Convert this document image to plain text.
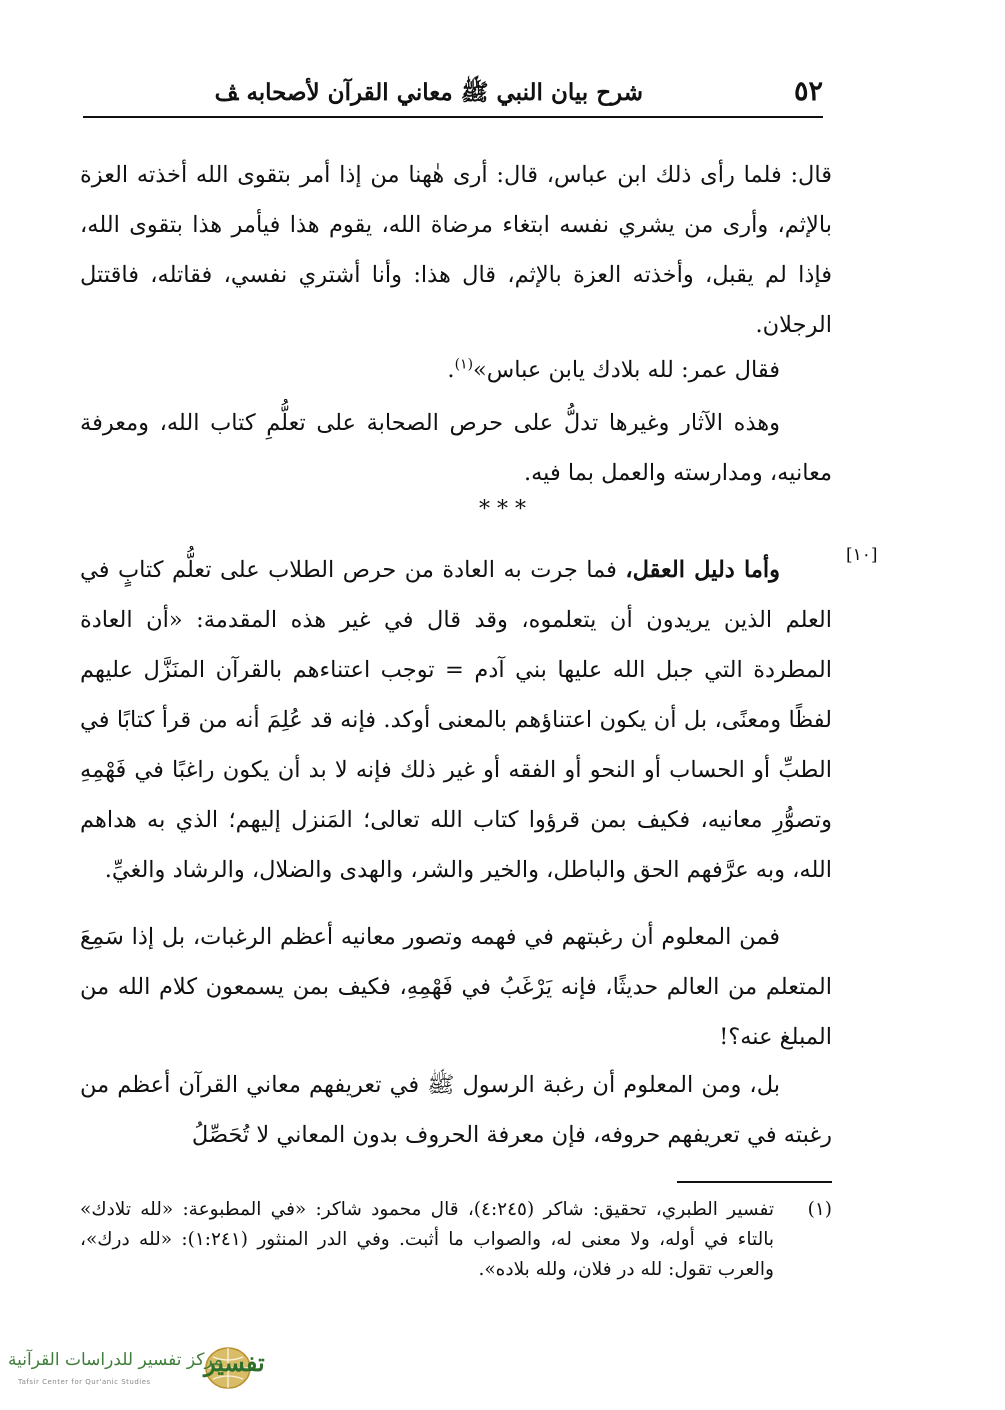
٥٢
شرح بيان النبي ﷺ معاني القرآن لأصحابه ﭫ

قال: فلما رأى ذلك ابن عباس، قال: أرى هٰهنا من إذا أمر بتقوى الله أخذته العزة بالإثم، وأرى من يشري نفسه ابتغاء مرضاة الله، يقوم هذا فيأمر هذا بتقوى الله، فإذا لم يقبل، وأخذته العزة بالإثم، قال هذا: وأنا أشتري نفسي، فقاتله، فاقتتل الرجلان.

فقال عمر: لله بلادك يابن عباس»$^{(١)}$.

وهذه الآثار وغيرها تدلُّ على حرص الصحابة على تعلُّمِ كتاب الله، ومعرفة معانيه، ومدارسته والعمل بما فيه.

* * *
[١٠]

وأما دليل العقل، فما جرت به العادة من حرص الطلاب على تعلُّم كتابٍ في العلم الذين يريدون أن يتعلموه، وقد قال في غير هذه المقدمة: «أن العادة المطردة التي جبل الله عليها بني آدم = توجب اعتناءهم بالقرآن المنَزَّل عليهم لفظًا ومعنًى، بل أن يكون اعتناؤهم بالمعنى أوكد. فإنه قد عُلِمَ أنه من قرأ كتابًا في الطبِّ أو الحساب أو النحو أو الفقه أو غير ذلك فإنه لا بد أن يكون راغبًا في فَهْمِهِ وتصوُّرِ معانيه، فكيف بمن قرؤوا كتاب الله تعالى؛ المَنزل إليهم؛ الذي به هداهم الله، وبه عرَّفهم الحق والباطل، والخير والشر، والهدى والضلال، والرشاد والغيِّ.

فمن المعلوم أن رغبتهم في فهمه وتصور معانيه أعظم الرغبات، بل إذا سَمِعَ المتعلم من العالم حديثًا، فإنه يَرْغَبُ في فَهْمِهِ، فكيف بمن يسمعون كلام الله من المبلغ عنه؟!

بل، ومن المعلوم أن رغبة الرسول ﷺ في تعريفهم معاني القرآن أعظم من رغبته في تعريفهم حروفه، فإن معرفة الحروف بدون المعاني لا تُحَصِّلُ

(١)
تفسير الطبري، تحقيق: شاكر (٤:٢٤٥)، قال محمود شاكر: «في المطبوعة: «لله تلادك» بالتاء في أوله، ولا معنى له، والصواب ما أثبت. وفي الدر المنثور (١:٢٤١): «لله درك»، والعرب تقول: لله در فلان، ولله بلاده».
تفسير
مركز تفسير للدراسات القرآنية
Tafsir Center for Qur'anic Studies
